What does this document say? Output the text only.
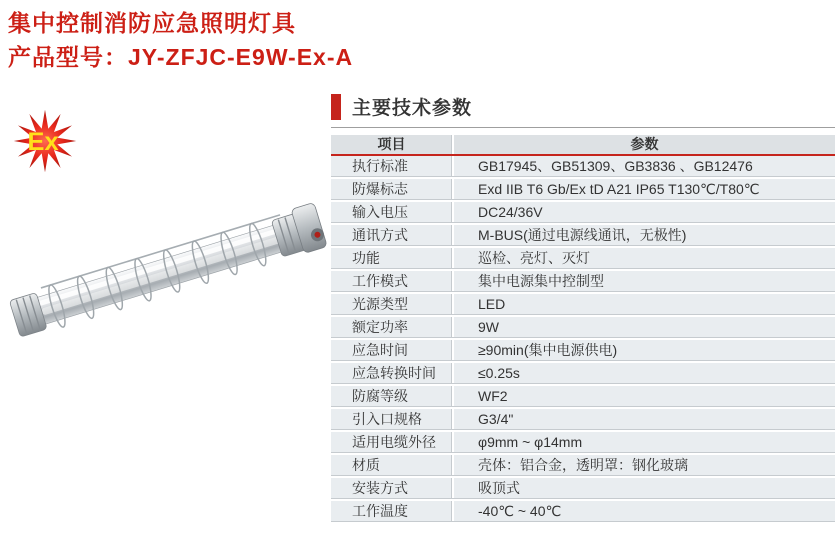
集中控制消防应急照明灯具
产品型号：JY-ZFJC-E9W-Ex-A
Ex
主要技术参数
项目	参数
执行标准	GB17945、GB51309、GB3836 、GB12476
防爆标志	Exd IIB T6 Gb/Ex tD A21 IP65 T130℃/T80℃
输入电压	DC24/36V
通讯方式	M-BUS(通过电源线通讯，无极性)
功能	巡检、亮灯、灭灯
工作模式	集中电源集中控制型
光源类型	LED
额定功率	9W
应急时间	≥90min(集中电源供电)
应急转换时间	≤0.25s
防腐等级	WF2
引入口规格	G3/4"
适用电缆外径	φ9mm ~ φ14mm
材质	壳体：铝合金，透明罩：钢化玻璃
安装方式	吸顶式
工作温度	-40℃ ~ 40℃
